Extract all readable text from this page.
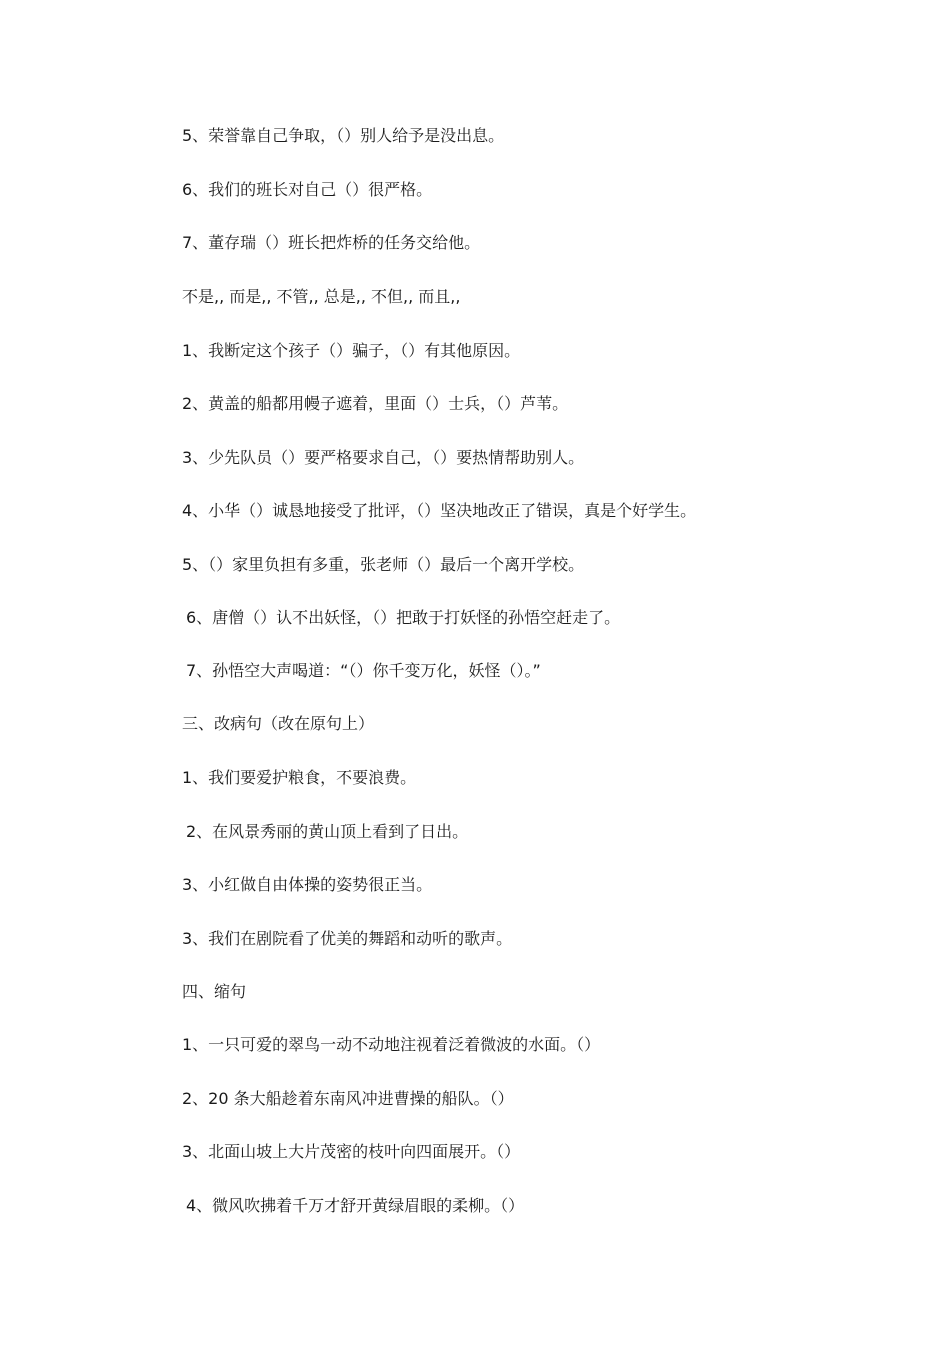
5、荣誉靠自己争取，（）别人给予是没出息。
6、我们的班长对自己（）很严格。
7、董存瑞（）班长把炸桥的任务交给他。
不是,, 而是,, 不管,, 总是,, 不但,, 而且,,
1、我断定这个孩子（）骗子，（）有其他原因。
2、黄盖的船都用幔子遮着，里面（）士兵，（）芦苇。
3、少先队员（）要严格要求自己，（）要热情帮助别人。
4、小华（）诚恳地接受了批评，（）坚决地改正了错误，真是个好学生。
5、（）家里负担有多重，张老师（）最后一个离开学校。
6、唐僧（）认不出妖怪，（）把敢于打妖怪的孙悟空赶走了。
7、孙悟空大声喝道：“（）你千变万化，妖怪（）。”
三、改病句（改在原句上）
1、我们要爱护粮食，不要浪费。
2、在风景秀丽的黄山顶上看到了日出。
3、小红做自由体操的姿势很正当。
3、我们在剧院看了优美的舞蹈和动听的歌声。
四、缩句
1、一只可爱的翠鸟一动不动地注视着泛着微波的水面。（）
2、20 条大船趁着东南风冲进曹操的船队。（）
3、北面山坡上大片茂密的枝叶向四面展开。（）
4、微风吹拂着千万才舒开黄绿眉眼的柔柳。（）
